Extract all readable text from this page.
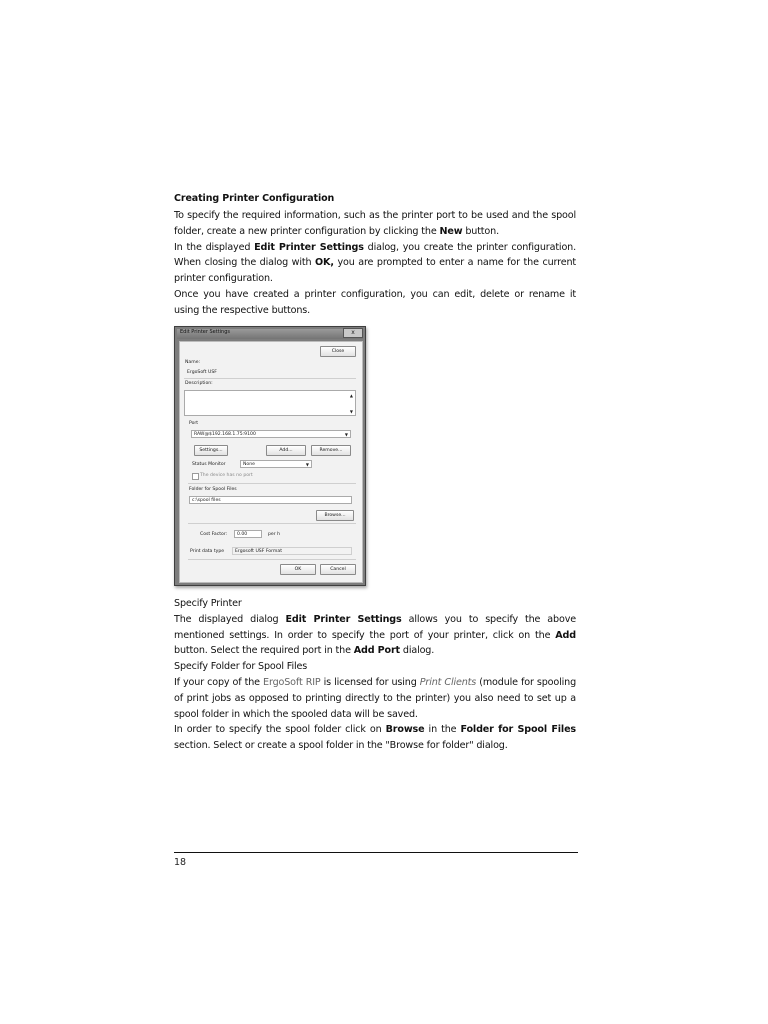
Creating Printer Configuration

To specify the required information, such as the printer port to be used and the spool folder, create a new printer configuration by clicking the New button.

In the displayed Edit Printer Settings dialog, you create the printer configuration. When closing the dialog with OK, you are prompted to enter a name for the current printer configuration.

Once you have created a printer configuration, you can edit, delete or rename it using the respective buttons.

Edit Printer Settings	x
Close
Name:
ErgoSoft USF
Description:
▲
▼
Port
RAW@$192.168.1.75:9100	▼
Settings...	Add...	Remove...
Status Monitor	None	▼
The device has no port
Folder for Spool Files
c:\spool files
Browse...
Cost Factor:	0.00	per h
Print data type	Ergosoft USF Format
OK	Cancel

Specify Printer

The displayed dialog Edit Printer Settings allows you to specify the above mentioned settings. In order to specify the port of your printer, click on the Add button. Select the required port in the Add Port dialog.

Specify Folder for Spool Files

If your copy of the ErgoSoft RIP is licensed for using Print Clients (module for spooling of print jobs as opposed to printing directly to the printer) you also need to set up a spool folder in which the spooled data will be saved.

In order to specify the spool folder click on Browse in the Folder for Spool Files section. Select or create a spool folder in the "Browse for folder" dialog.

18
